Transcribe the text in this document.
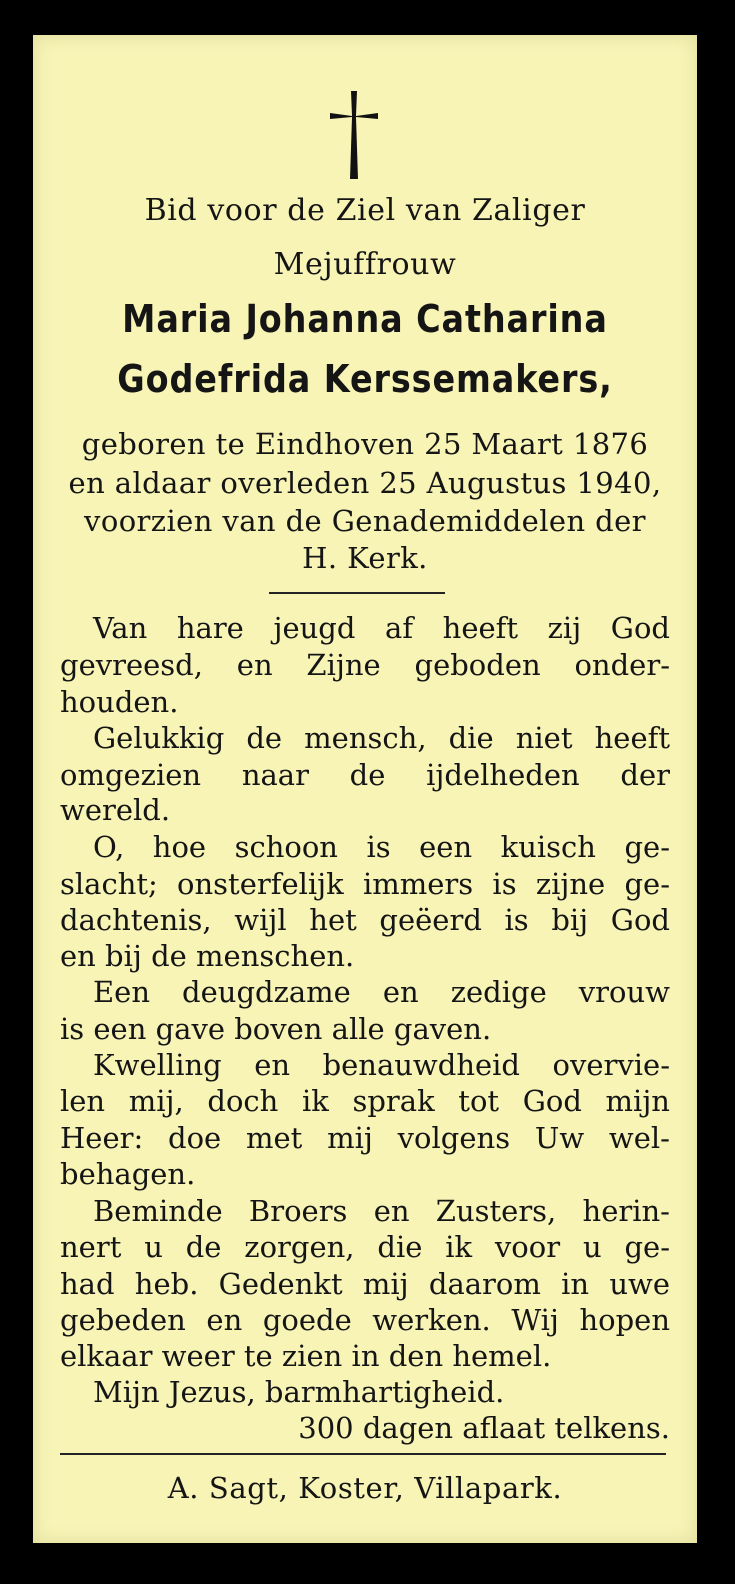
Bid voor de Ziel van Zaliger
Mejuffrouw
Maria Johanna Catharina
Godefrida Kerssemakers,
geboren te Eindhoven 25 Maart 1876
en aldaar overleden 25 Augustus 1940,
voorzien van de Genademiddelen der
H. Kerk.
Van hare jeugd af heeft zij God
gevreesd, en Zijne geboden onder-
houden.
Gelukkig de mensch, die niet heeft
omgezien naar de ijdelheden der
wereld.
O, hoe schoon is een kuisch ge-
slacht; onsterfelijk immers is zijne ge-
dachtenis, wijl het geëerd is bij God
en bij de menschen.
Een deugdzame en zedige vrouw
is een gave boven alle gaven.
Kwelling en benauwdheid overvie-
len mij, doch ik sprak tot God mijn
Heer: doe met mij volgens Uw wel-
behagen.
Beminde Broers en Zusters, herin-
nert u de zorgen, die ik voor u ge-
had heb. Gedenkt mij daarom in uwe
gebeden en goede werken. Wij hopen
elkaar weer te zien in den hemel.
Mijn Jezus, barmhartigheid.
300 dagen aflaat telkens.
A. Sagt, Koster, Villapark.
